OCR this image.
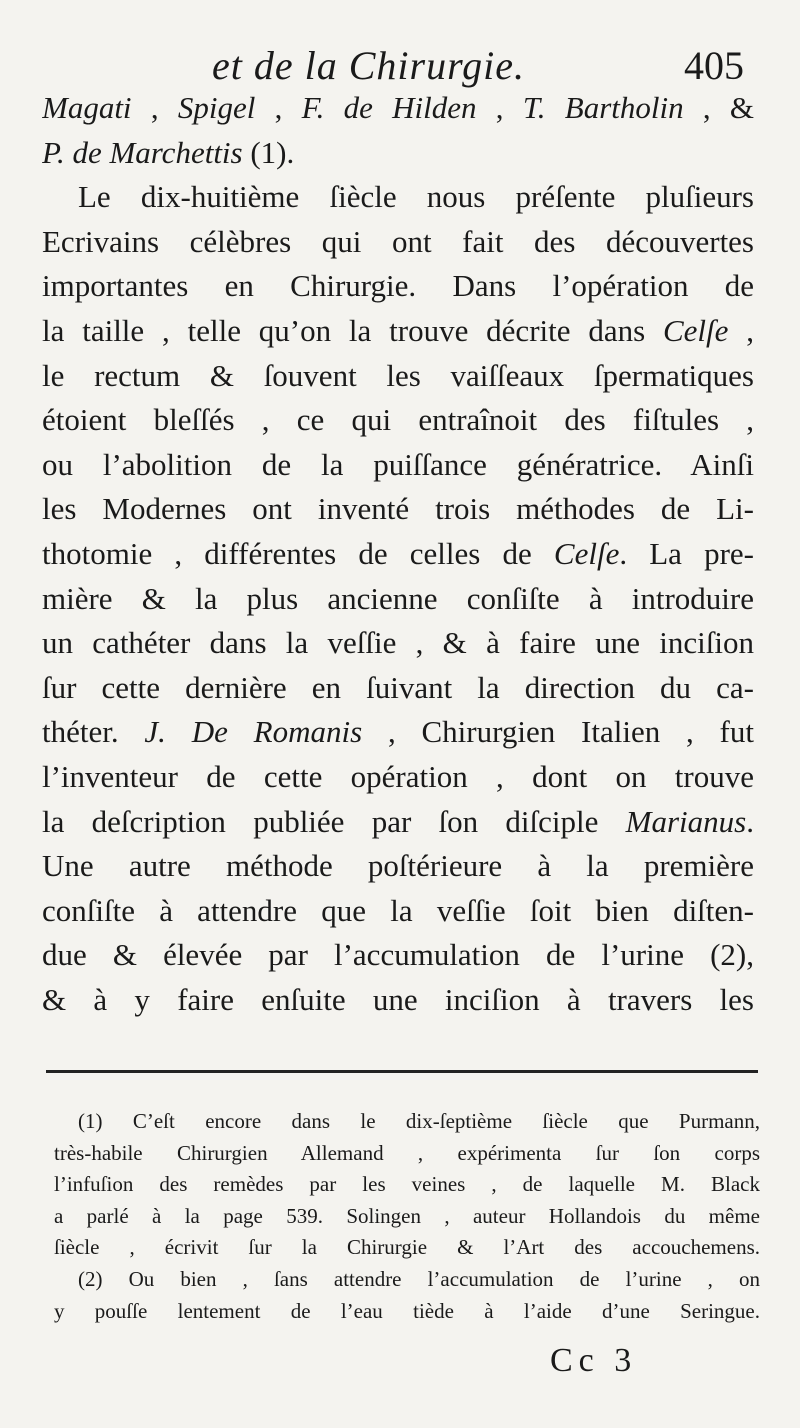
et de la Chirurgie.	405
Magati , Spigel , F. de Hilden , T. Bartholin , &
P. de Marchettis (1).
Le dix-huitième ſiècle nous préſente pluſieurs
Ecrivains célèbres qui ont fait des découvertes
importantes en Chirurgie. Dans l’opération de
la taille , telle qu’on la trouve décrite dans Celſe ,
le rectum & ſouvent les vaiſſeaux ſpermatiques
étoient bleſſés , ce qui entraînoit des fiſtules ,
ou l’abolition de la puiſſance génératrice. Ainſi
les Modernes ont inventé trois méthodes de Li-
thotomie , différentes de celles de Celſe. La pre-
mière & la plus ancienne conſiſte à introduire
un cathéter dans la veſſie , & à faire une inciſion
ſur cette dernière en ſuivant la direction du ca-
théter. J. De Romanis , Chirurgien Italien , fut
l’inventeur de cette opération , dont on trouve
la deſcription publiée par ſon diſciple Marianus.
Une autre méthode poſtérieure à la première
conſiſte à attendre que la veſſie ſoit bien diſten-
due & élevée par l’accumulation de l’urine (2),
& à y faire enſuite une inciſion à travers les
(1) C’eſt encore dans le dix-ſeptième ſiècle que Purmann,
très-habile Chirurgien Allemand , expérimenta ſur ſon corps
l’infuſion des remèdes par les veines , de laquelle M. Black
a parlé à la page 539. Solingen , auteur Hollandois du même
ſiècle , écrivit ſur la Chirurgie & l’Art des accouchemens.
(2) Ou bien , ſans attendre l’accumulation de l’urine , on
y pouſſe lentement de l’eau tiède à l’aide d’une Seringue.
Cc 3
